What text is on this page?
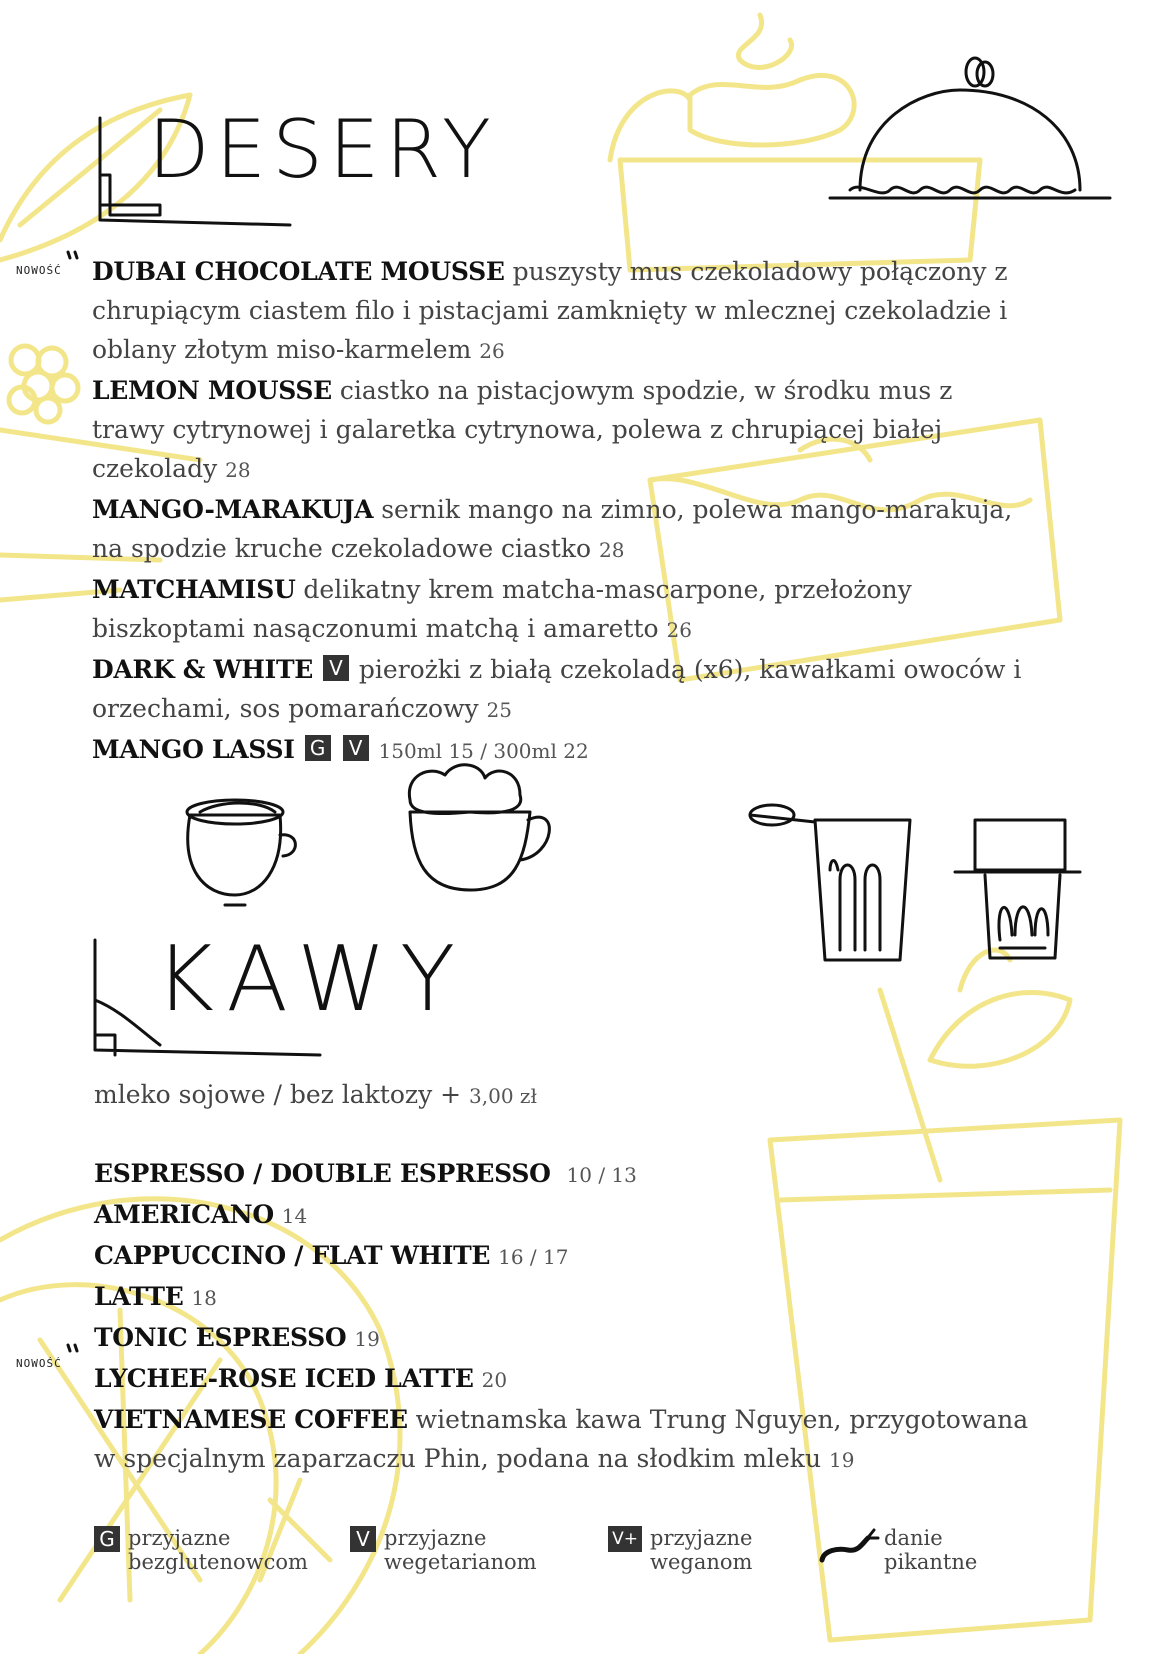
DESERY
KAWY
NOWOŚĆ
NOWOŚĆ

DUBAI CHOCOLATE MOUSSE puszysty mus czekoladowy połączony z chrupiącym ciastem filo i pistacjami zamknięty w mlecznej czekoladzie i oblany złotym miso-karmelem 26

LEMON MOUSSE ciastko na pistacjowym spodzie, w środku mus z trawy cytrynowej i galaretka cytrynowa, polewa z chrupiącej białej czekolady 28

MANGO-MARAKUJA sernik mango na zimno, polewa mango-marakuja, na spodzie kruche czekoladowe ciastko 28

MATCHAMISU delikatny krem matcha-mascarpone, przełożony biszkoptami nasączonumi matchą i amaretto 26

DARK & WHITE V pierożki z białą czekoladą (x6), kawałkami owoców i orzechami, sos pomarańczowy 25

MANGO LASSI G V 150ml 15 / 300ml 22

mleko sojowe / bez laktozy + 3,00 zł

ESPRESSO / DOUBLE ESPRESSO 10 / 13

AMERICANO 14

CAPPUCCINO / FLAT WHITE 16 / 17

LATTE 18

TONIC ESPRESSO 19

LYCHEE-ROSE ICED LATTE 20

VIETNAMESE COFFEE wietnamska kawa Trung Nguyen, przygotowana w specjalnym zaparzaczu Phin, podana na słodkim mleku 19

G przyjazne
bezglutenowcom
V przyjazne
wegetarianom
V+ przyjazne
weganom
danie
pikantne
